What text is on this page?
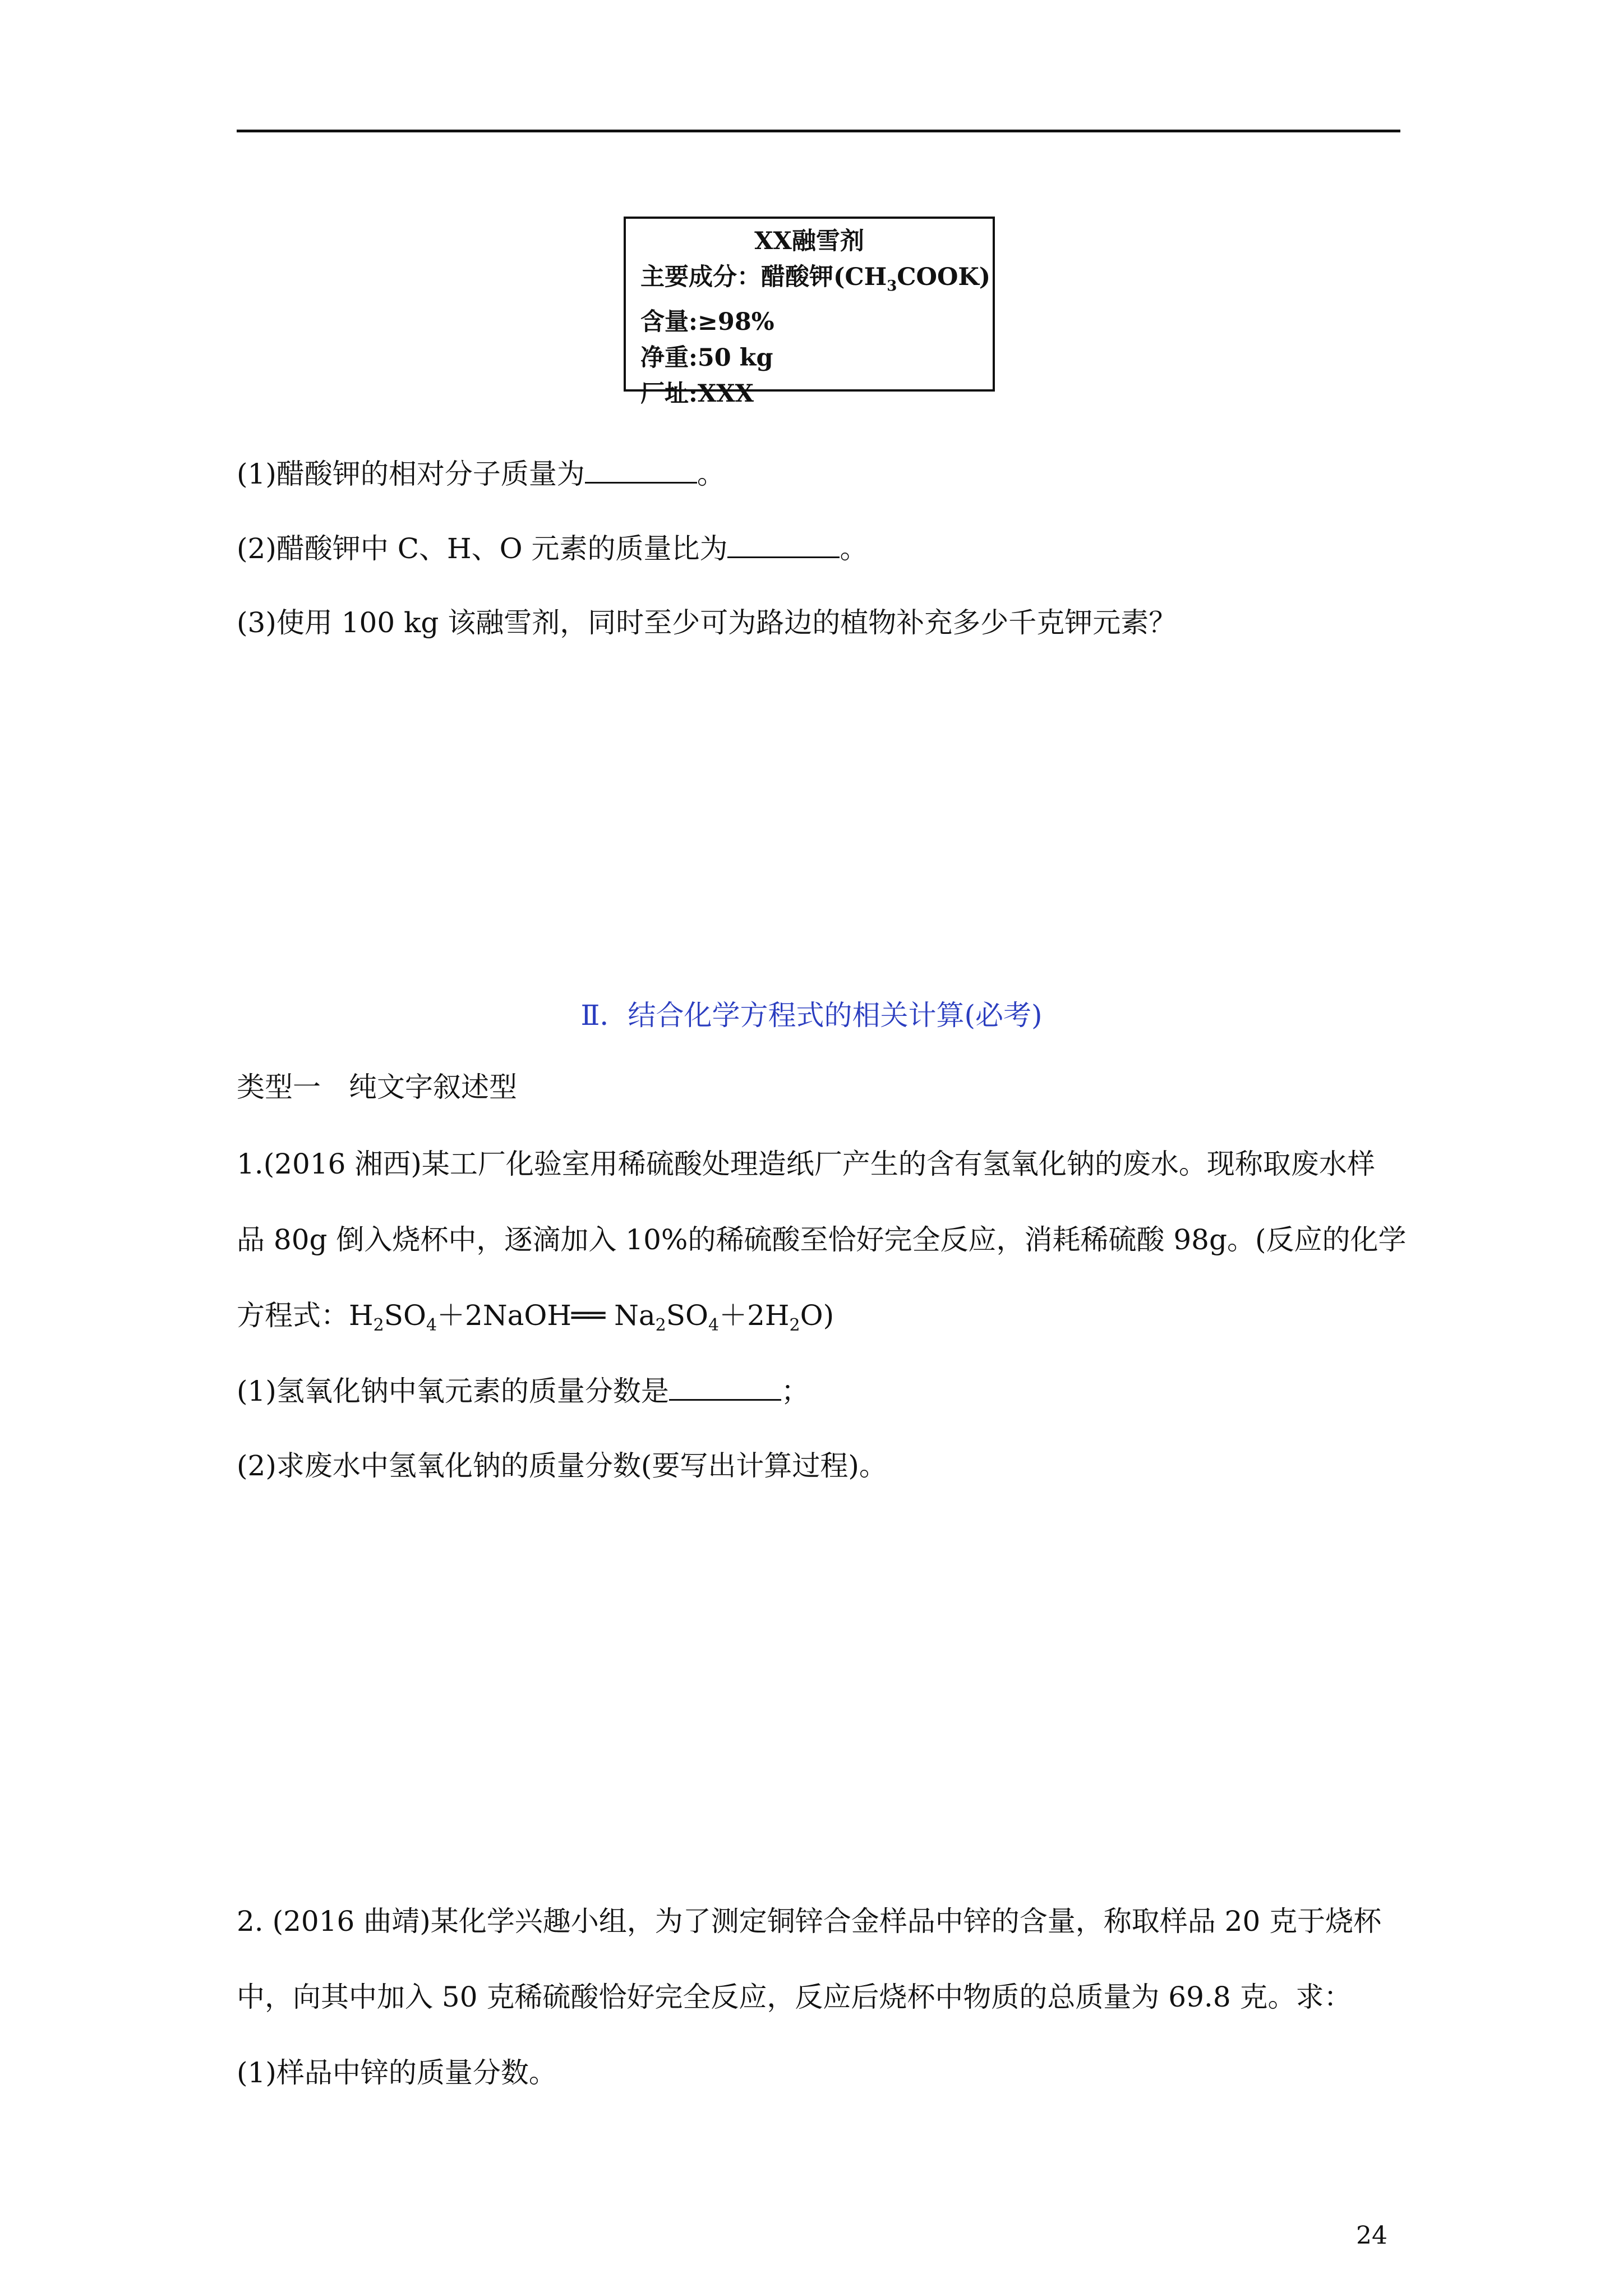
XX融雪剂
主要成分：醋酸钾$(CH_3COOK)$
含量:≥98%
净重:50 kg
厂址:XXX
(1)醋酸钾的相对分子质量为	。
(2)醋酸钾中 C、H、O 元素的质量比为	。
(3)使用 100 kg 该融雪剂，同时至少可为路边的植物补充多少千克钾元素？
Ⅱ．结合化学方程式的相关计算(必考)
类型一　纯文字叙述型
1.(2016 湘西)某工厂化验室用稀硫酸处理造纸厂产生的含有氢氧化钠的废水。现称取废水样
品 80g 倒入烧杯中，逐滴加入 10%的稀硫酸至恰好完全反应，消耗稀硫酸 98g。(反应的化学
方程式：$H_2SO_4+2NaOH══$ $Na_2SO_4+2H_2O$)
(1)氢氧化钠中氧元素的质量分数是	；
(2)求废水中氢氧化钠的质量分数(要写出计算过程)。
2. (2016 曲靖)某化学兴趣小组，为了测定铜锌合金样品中锌的含量，称取样品 20 克于烧杯
中，向其中加入 50 克稀硫酸恰好完全反应，反应后烧杯中物质的总质量为 69.8 克。求：
(1)样品中锌的质量分数。
24
